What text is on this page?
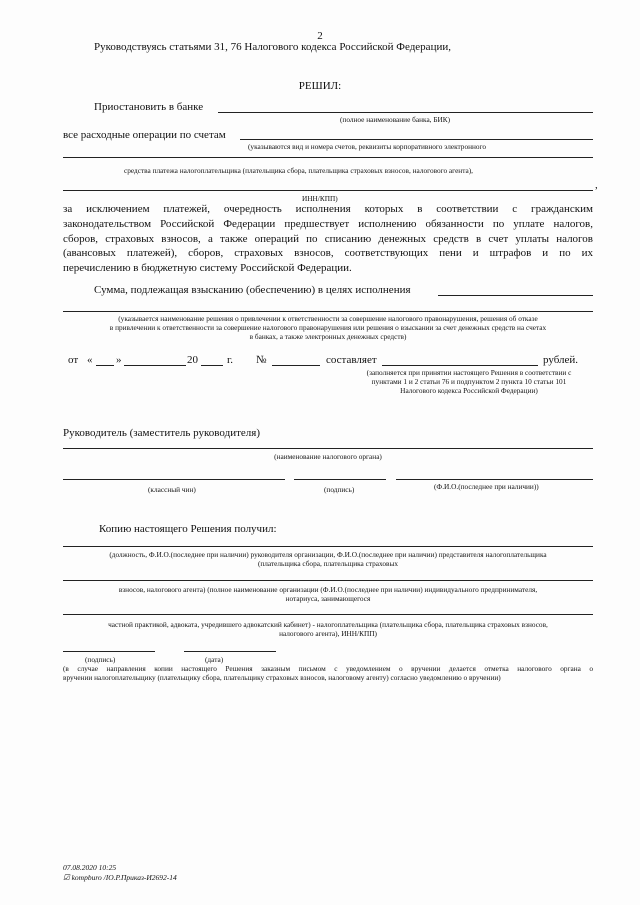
2
Руководствуясь статьями 31, 76 Налогового кодекса Российской Федерации,
РЕШИЛ:
Приостановить в банке
(полное наименование банка, БИК)
все расходные операции по счетам
(указываются вид и номера счетов, реквизиты корпоративного электронного
средства платежа налогоплательщика (плательщика сбора, плательщика страховых взносов, налогового агента),
,
ИНН/КПП)
за исключением платежей, очередность исполнения которых в соответствии с гражданским
законодательством Российской Федерации предшествует исполнению обязанности по уплате налогов,
сборов, страховых взносов, а также операций по списанию денежных средств в счет уплаты налогов
(авансовых платежей), сборов, страховых взносов, соответствующих пени и штрафов и по их
перечислению в бюджетную систему Российской Федерации.
Сумма, подлежащая взысканию (обеспечению) в целях исполнения
(указывается наименование решения о привлечении к ответственности за совершение налогового правонарушения, решения об отказе
в привлечении к ответственности за совершение налогового правонарушения или решения о взыскании за счет денежных средств на счетах
в банках, а также электронных денежных средств)
от « »	20	г. №	составляет	рублей.
(заполняется при принятии настоящего Решения в соответствии с
пунктами 1 и 2 статьи 76 и подпунктом 2 пункта 10 статьи 101
Налогового кодекса Российской Федерации)
Руководитель (заместитель руководителя)
(наименование налогового органа)
(классный чин)	(подпись)	(Ф.И.О.(последнее при наличии))
Копию настоящего Решения получил:
(должность, Ф.И.О.(последнее при наличии) руководителя организации, Ф.И.О.(последнее при наличии) представителя налогоплательщика
(плательщика сбора, плательщика страховых
взносов, налогового агента) (полное наименование организации (Ф.И.О.(последнее при наличии) индивидуального предпринимателя,
нотариуса, занимающегося
частной практикой, адвоката, учредившего адвокатский кабинет) - налогоплательщика (плательщика сбора, плательщика страховых взносов,
налогового агента), ИНН/КПП)
(подпись)	(дата)
(в случае направления копии настоящего Решения заказным письмом с уведомлением о вручении делается отметка налогового органа о
вручении налогоплательщику (плательщику сбора, плательщику страховых взносов, налоговому агенту) согласно уведомлению о вручении)
07.08.2020 10:25
☑ kompburo /IO.P.Приказ-И2692-14
